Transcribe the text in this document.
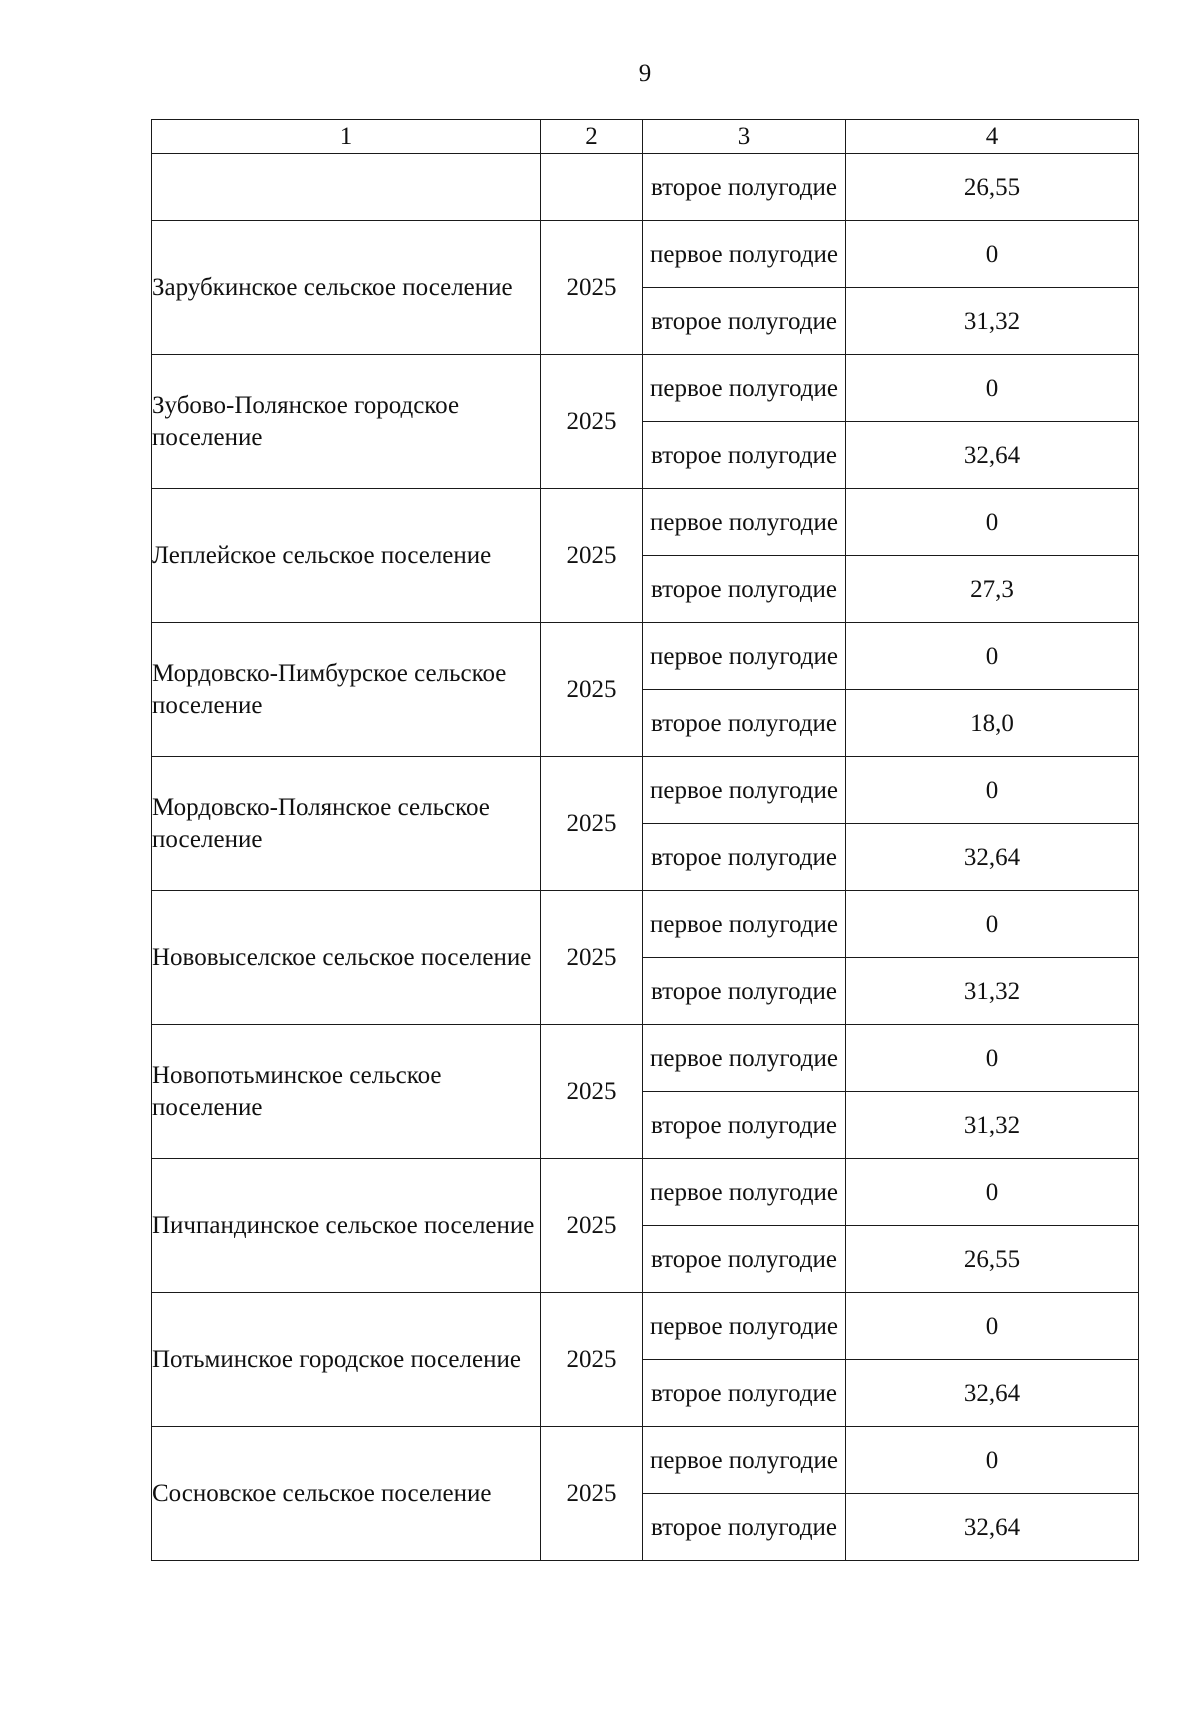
9
1	2	3	4

		второе полугодие	26,55

Зарубкинское сельское поселение	2025	первое полугодие	0

		второе полугодие	31,32

Зубово-Полянское городское поселение	2025	первое полугодие	0

		второе полугодие	32,64

Леплейское сельское поселение	2025	первое полугодие	0

		второе полугодие	27,3

Мордовско-Пимбурское сельское поселение	2025	первое полугодие	0

		второе полугодие	18,0

Мордовско-Полянское сельское поселение	2025	первое полугодие	0

		второе полугодие	32,64

Нововыселское сельское поселение	2025	первое полугодие	0

		второе полугодие	31,32

Новопотьминское сельское поселение	2025	первое полугодие	0

		второе полугодие	31,32

Пичпандинское сельское поселение	2025	первое полугодие	0

		второе полугодие	26,55

Потьминское городское поселение	2025	первое полугодие	0

		второе полугодие	32,64

Сосновское сельское поселение	2025	первое полугодие	0

		второе полугодие	32,64
